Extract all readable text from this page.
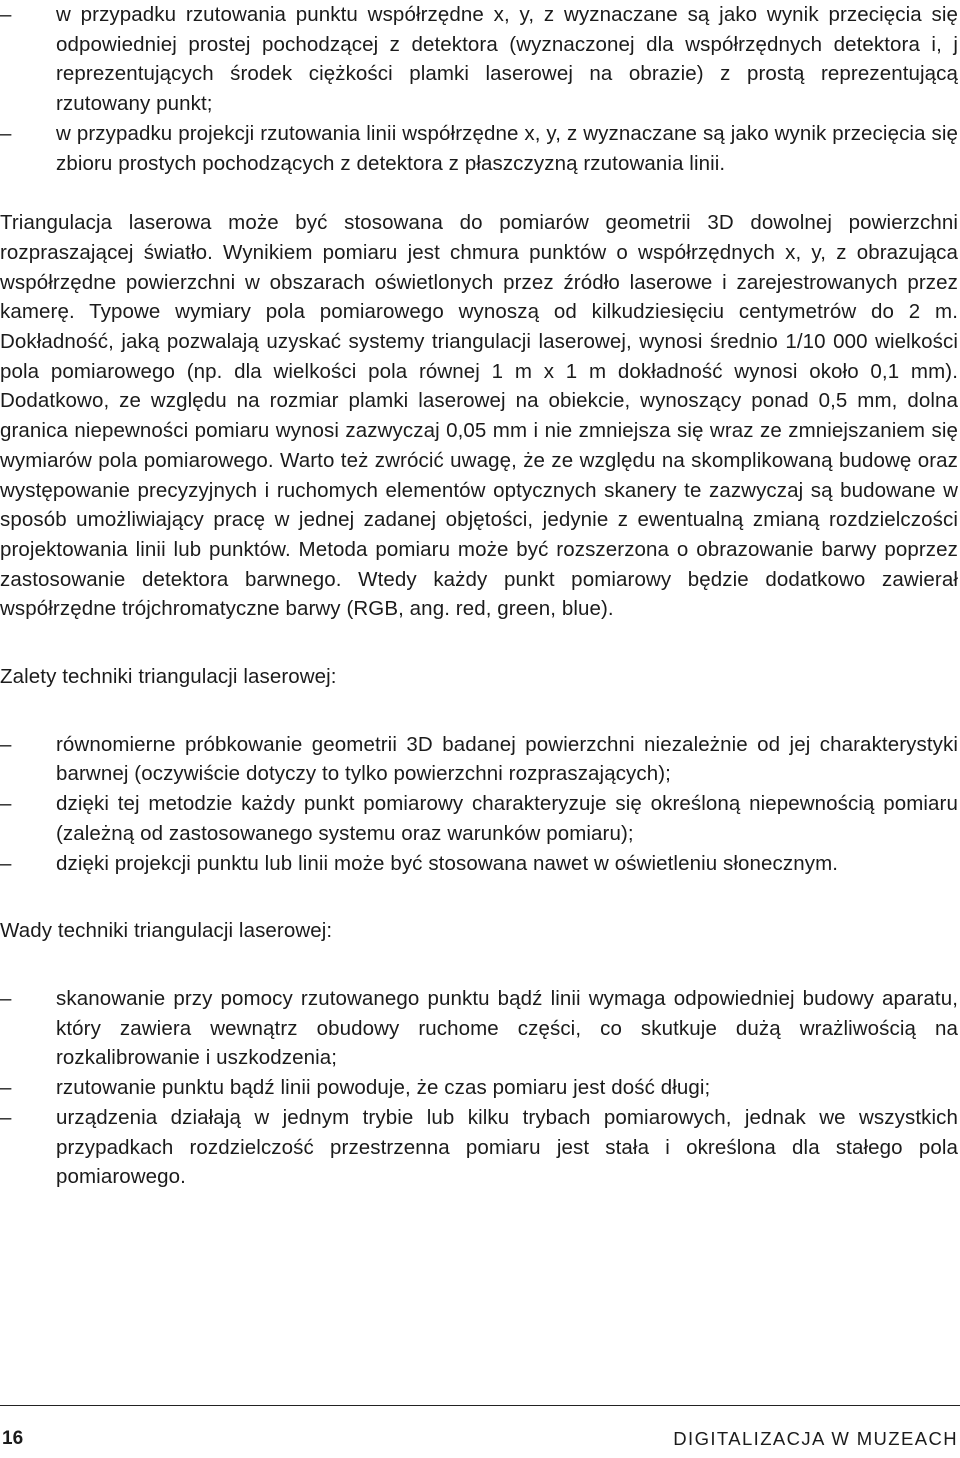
–	w przypadku rzutowania punktu współrzędne x, y, z wyznaczane są jako wynik przecięcia się odpowiedniej prostej pochodzącej z detektora (wyznaczonej dla współrzędnych detektora i, j reprezentujących środek ciężkości plamki laserowej na obrazie) z prostą reprezentującą rzutowany punkt;
–	w przypadku projekcji rzutowania linii współrzędne x, y, z wyznaczane są jako wynik przecięcia się zbioru prostych pochodzących z detektora z płaszczyzną rzutowania linii.

Triangulacja laserowa może być stosowana do pomiarów geometrii 3D dowolnej powierzchni rozpraszającej światło. Wynikiem pomiaru jest chmura punktów o współrzędnych x, y, z obrazująca współrzędne powierzchni w obszarach oświetlonych przez źródło laserowe i zarejestrowanych przez kamerę. Typowe wymiary pola pomiarowego wynoszą od kilkudziesięciu centymetrów do 2 m. Dokładność, jaką pozwalają uzyskać systemy triangulacji laserowej, wynosi średnio 1/10 000 wielkości pola pomiarowego (np. dla wielkości pola równej 1 m x 1 m dokładność wynosi około 0,1 mm). Dodatkowo, ze względu na rozmiar plamki laserowej na obiekcie, wynoszący ponad 0,5 mm, dolna granica niepewności pomiaru wynosi zazwyczaj 0,05 mm i nie zmniejsza się wraz ze zmniejszaniem się wymiarów pola pomiarowego. Warto też zwrócić uwagę, że ze względu na skomplikowaną budowę oraz występowanie precyzyjnych i ruchomych elementów optycznych skanery te zazwyczaj są budowane w sposób umożliwiający pracę w jednej zadanej objętości, jedynie z ewentualną zmianą rozdzielczości projektowania linii lub punktów. Metoda pomiaru może być rozszerzona o obrazowanie barwy poprzez zastosowanie detektora barwnego. Wtedy każdy punkt pomiarowy będzie dodatkowo zawierał współrzędne trójchromatyczne barwy (RGB, ang. red, green, blue).

Zalety techniki triangulacji laserowej:

–	równomierne próbkowanie geometrii 3D badanej powierzchni niezależnie od jej charakterystyki barwnej (oczywiście dotyczy to tylko powierzchni rozpraszających);
–	dzięki tej metodzie każdy punkt pomiarowy charakteryzuje się określoną niepewnością pomiaru (zależną od zastosowanego systemu oraz warunków pomiaru);
–	dzięki projekcji punktu lub linii może być stosowana nawet w oświetleniu słonecznym.

Wady techniki triangulacji laserowej:

–	skanowanie przy pomocy rzutowanego punktu bądź linii wymaga odpowiedniej budowy aparatu, który zawiera wewnątrz obudowy ruchome części, co skutkuje dużą wrażliwością na rozkalibrowanie i uszkodzenia;
–	rzutowanie punktu bądź linii powoduje, że czas pomiaru jest dość długi;
–	urządzenia działają w jednym trybie lub kilku trybach pomiarowych, jednak we wszystkich przypadkach rozdzielczość przestrzenna pomiaru jest stała i określona dla stałego pola pomiarowego.
16	DIGITALIZACJA W MUZEACH
